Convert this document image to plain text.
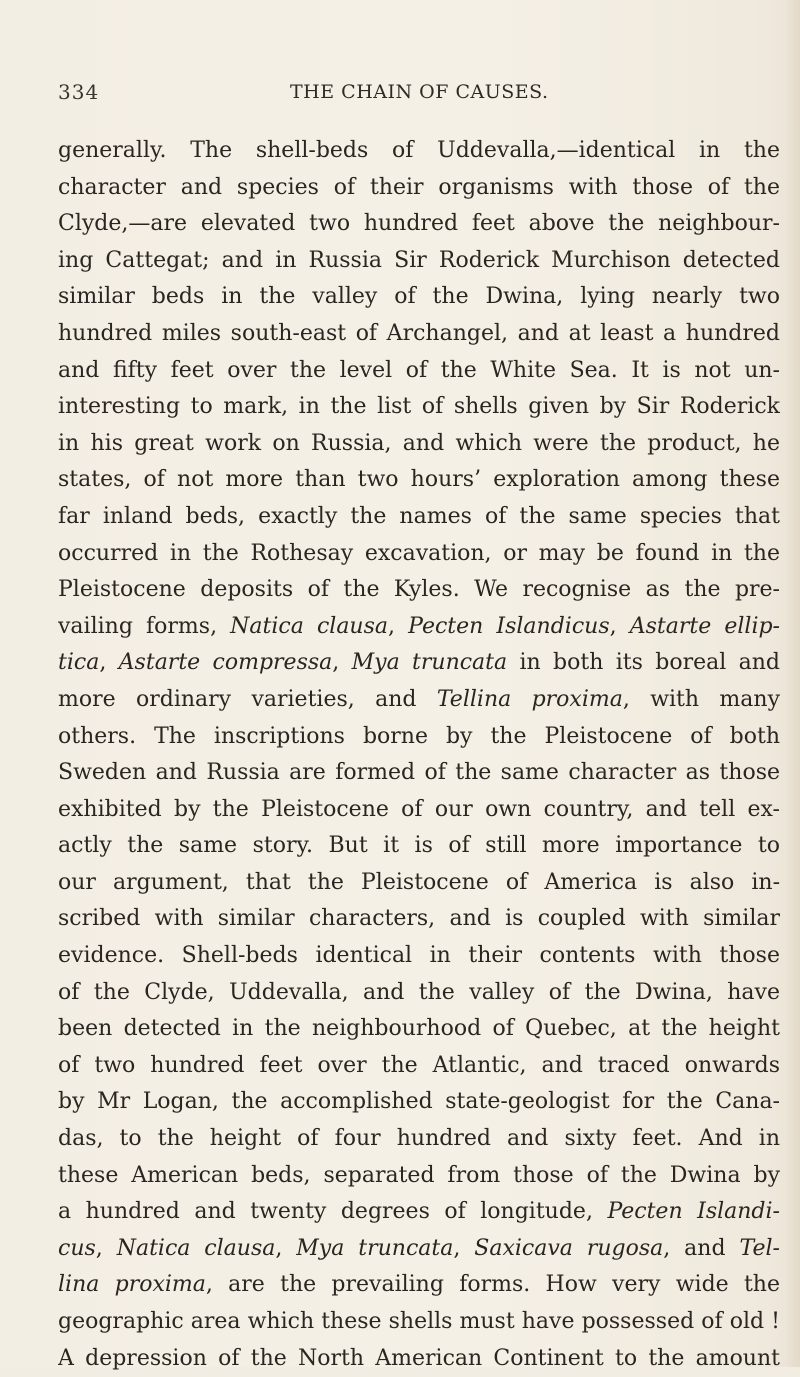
334	THE CHAIN OF CAUSES.
generally. The shell-beds of Uddevalla,—identical in the
character and species of their organisms with those of the
Clyde,—are elevated two hundred feet above the neighbour-
ing Cattegat; and in Russia Sir Roderick Murchison detected
similar beds in the valley of the Dwina, lying nearly two
hundred miles south-east of Archangel, and at least a hundred
and fifty feet over the level of the White Sea. It is not un-
interesting to mark, in the list of shells given by Sir Roderick
in his great work on Russia, and which were the product, he
states, of not more than two hours’ exploration among these
far inland beds, exactly the names of the same species that
occurred in the Rothesay excavation, or may be found in the
Pleistocene deposits of the Kyles. We recognise as the pre-
vailing forms, Natica clausa, Pecten Islandicus, Astarte ellip-
tica, Astarte compressa, Mya truncata in both its boreal and
more ordinary varieties, and Tellina proxima, with many
others. The inscriptions borne by the Pleistocene of both
Sweden and Russia are formed of the same character as those
exhibited by the Pleistocene of our own country, and tell ex-
actly the same story. But it is of still more importance to
our argument, that the Pleistocene of America is also in-
scribed with similar characters, and is coupled with similar
evidence. Shell-beds identical in their contents with those
of the Clyde, Uddevalla, and the valley of the Dwina, have
been detected in the neighbourhood of Quebec, at the height
of two hundred feet over the Atlantic, and traced onwards
by Mr Logan, the accomplished state-geologist for the Cana-
das, to the height of four hundred and sixty feet. And in
these American beds, separated from those of the Dwina by
a hundred and twenty degrees of longitude, Pecten Islandi-
cus, Natica clausa, Mya truncata, Saxicava rugosa, and Tel-
lina proxima, are the prevailing forms. How very wide the
geographic area which these shells must have possessed of old !
A depression of the North American Continent to the amount
